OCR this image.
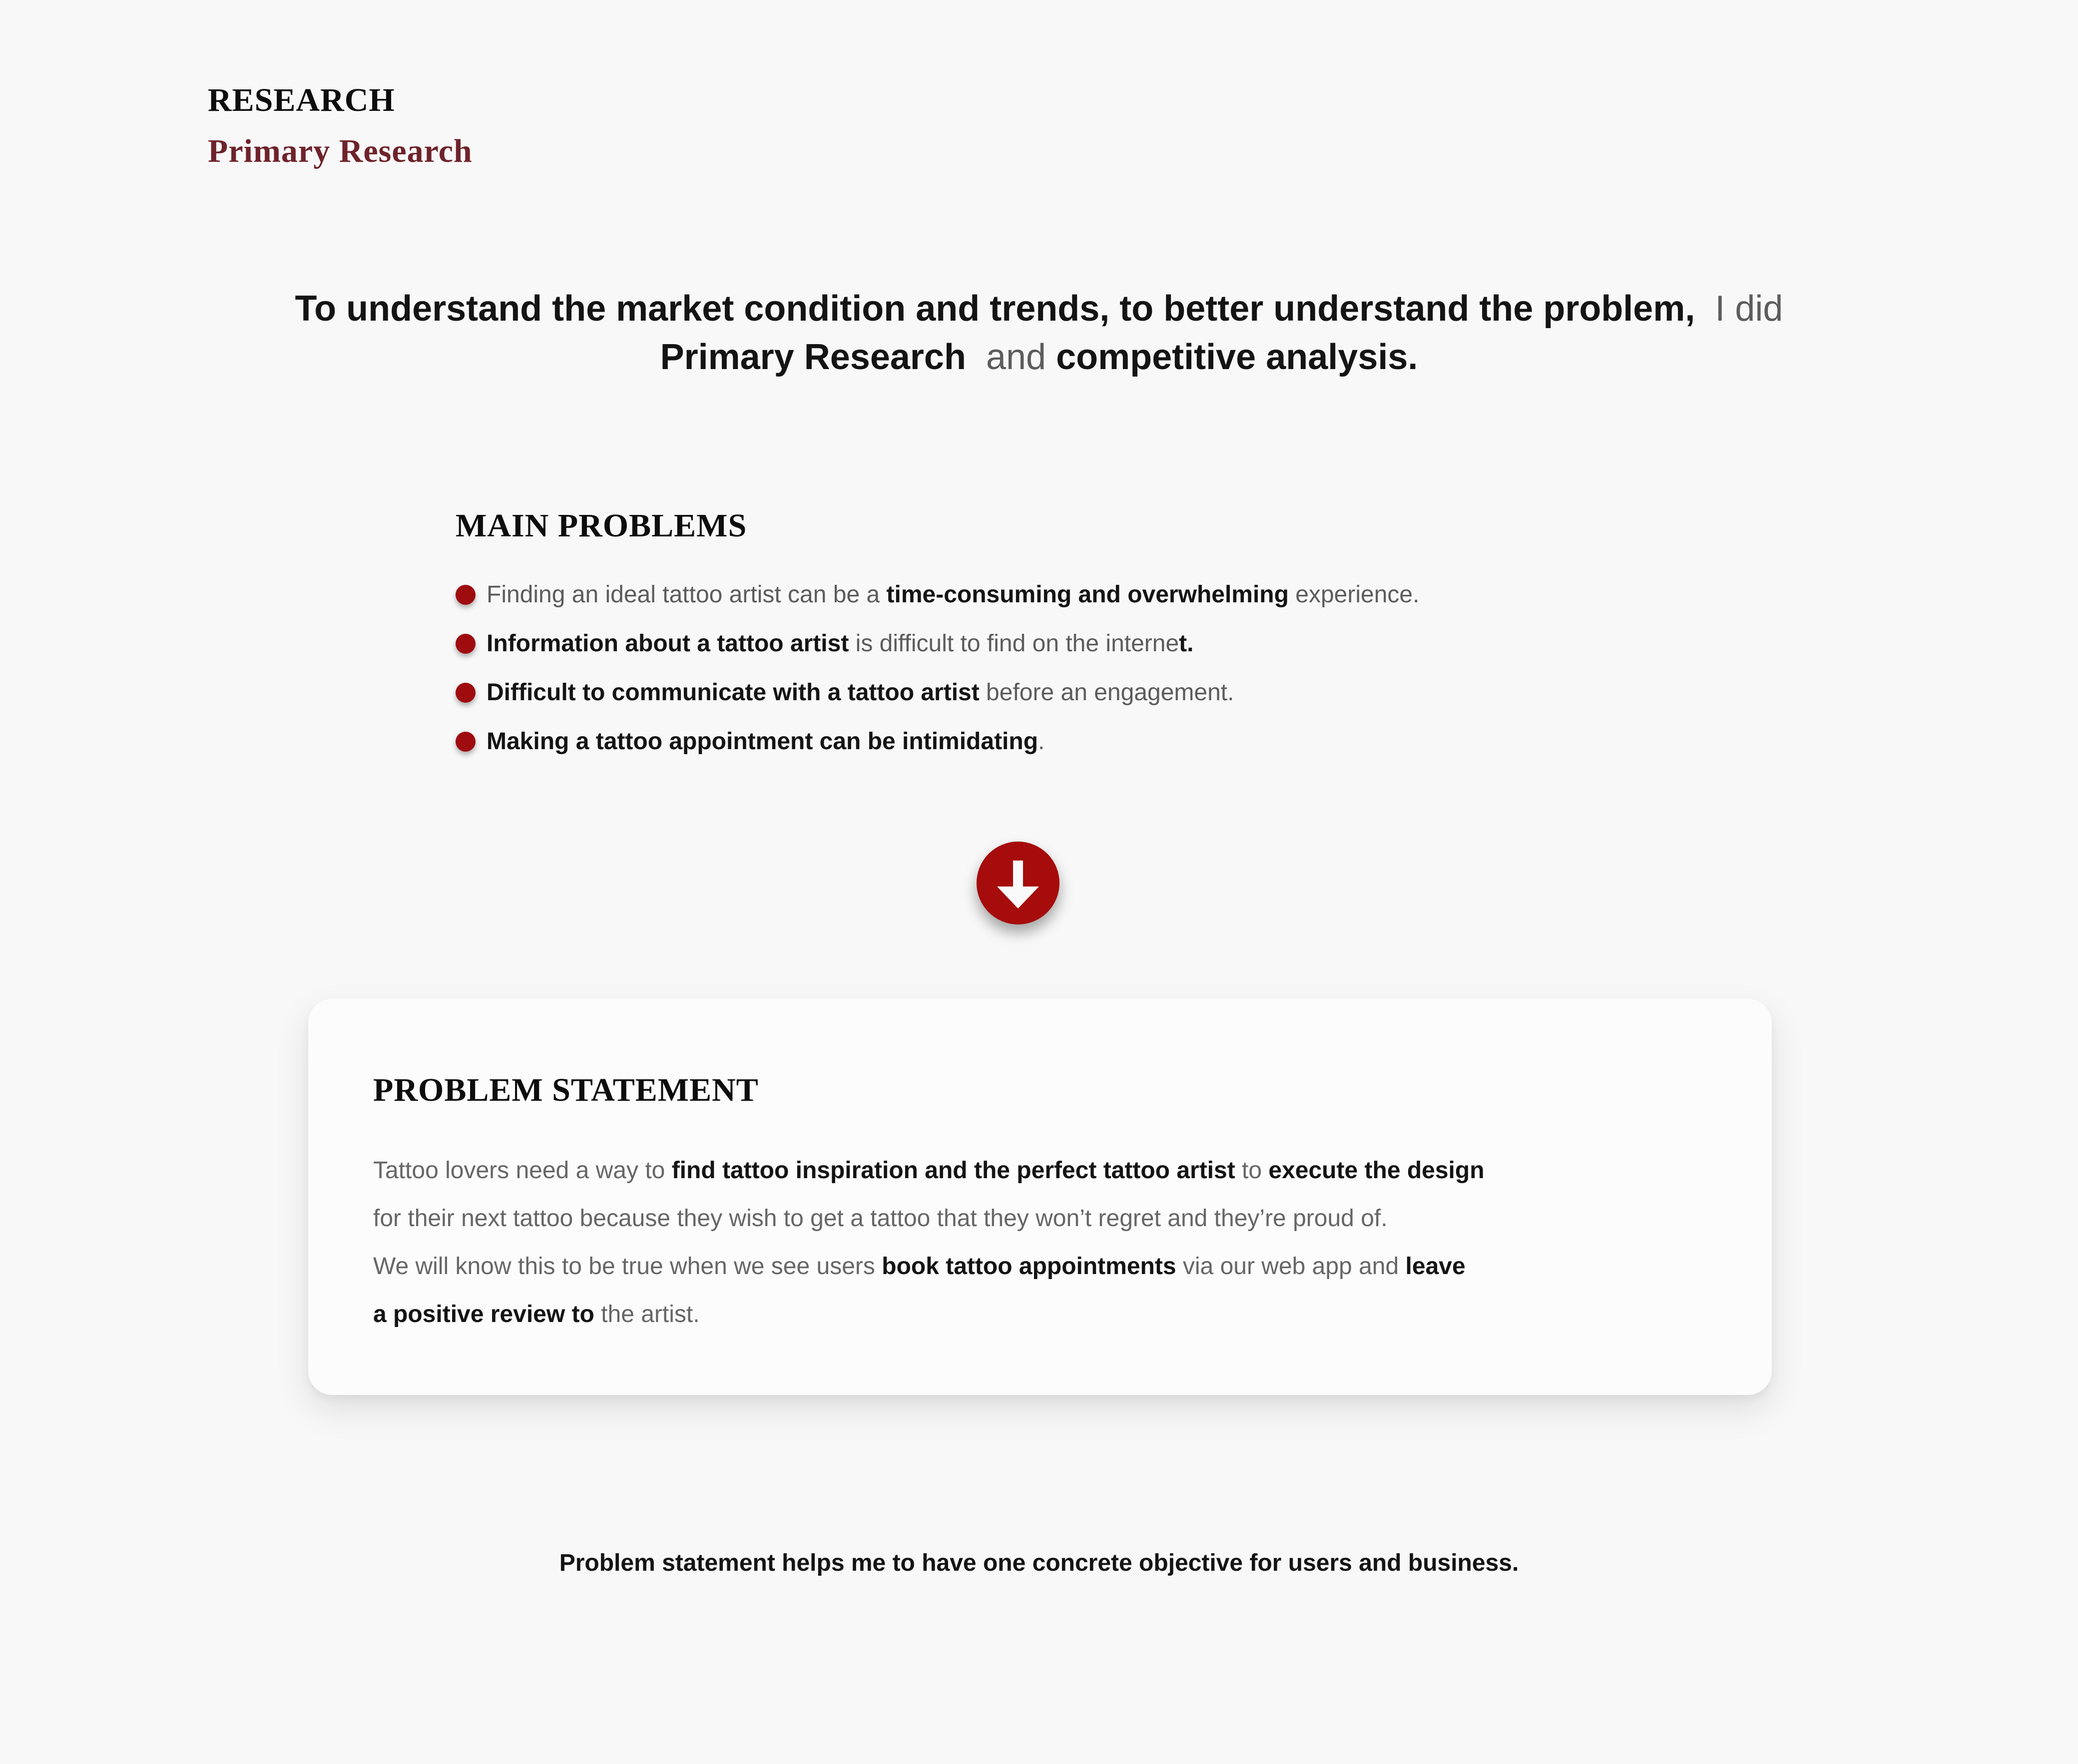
RESEARCH
Primary Research
To understand the market condition and trends, to better understand the problem,  I did
Primary Research  and competitive analysis.
MAIN PROBLEMS

Finding an ideal tattoo artist can be a time-consuming and overwhelming experience.

Information about a tattoo artist is difficult to find on the internet.

Difficult to communicate with a tattoo artist before an engagement.

Making a tattoo appointment can be intimidating.

PROBLEM STATEMENT

Tattoo lovers need a way to find tattoo inspiration and the perfect tattoo artist to execute the design
for their next tattoo because they wish to get a tattoo that they won’t regret and they’re proud of.
We will know this to be true when we see users book tattoo appointments via our web app and leave
a positive review to the artist.

Problem statement helps me to have one concrete objective for users and business.
